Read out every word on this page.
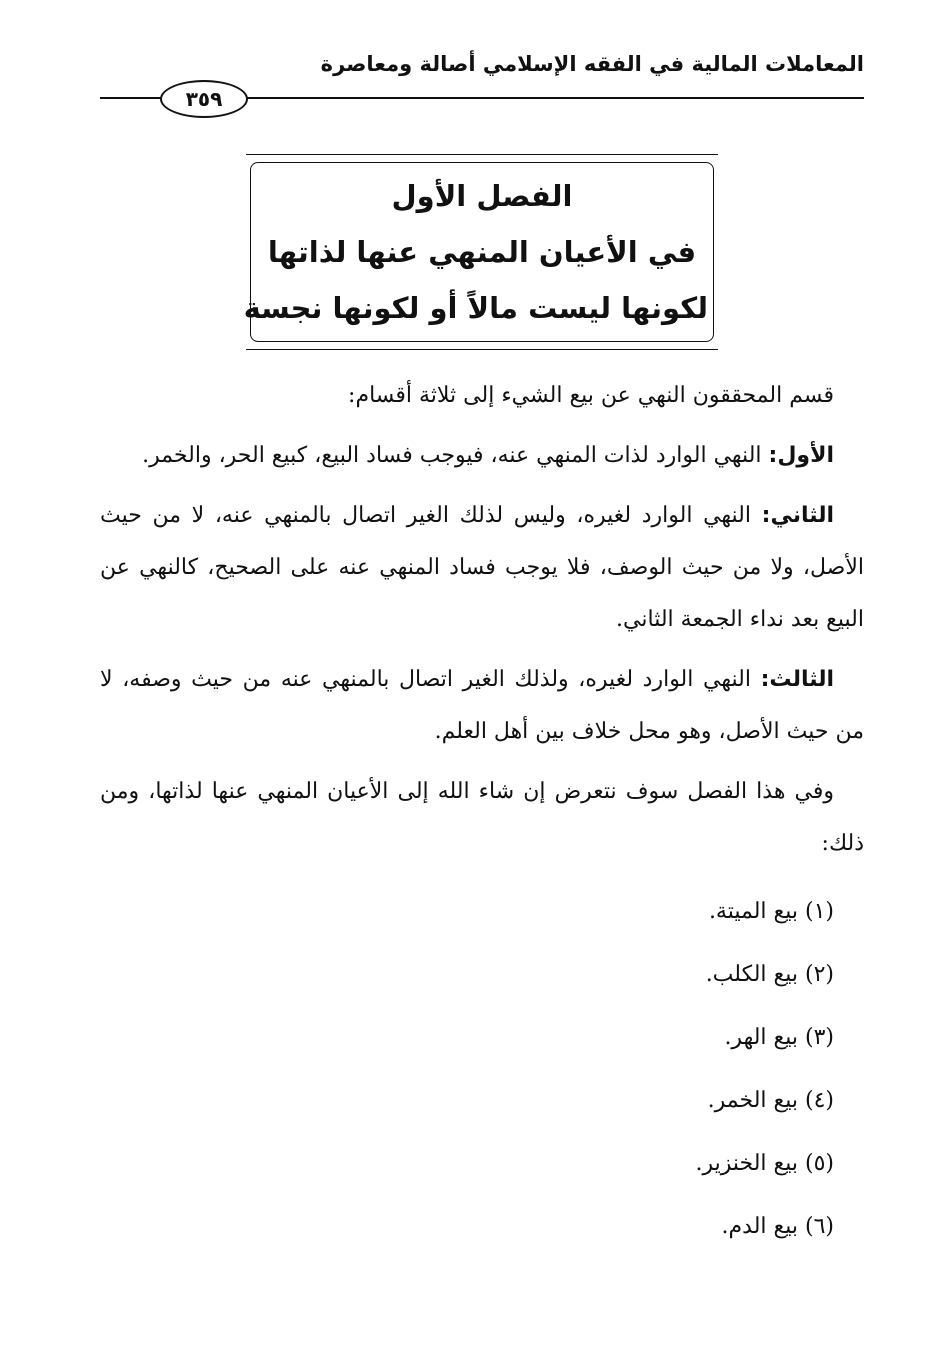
المعاملات المالية في الفقه الإسلامي أصالة ومعاصرة
٣٥٩
الفصل الأول
في الأعيان المنهي عنها لذاتها
لكونها ليست مالاً أو لكونها نجسة

قسم المحققون النهي عن بيع الشيء إلى ثلاثة أقسام:

الأول: النهي الوارد لذات المنهي عنه، فيوجب فساد البيع، كبيع الحر، والخمر.

الثاني: النهي الوارد لغيره، وليس لذلك الغير اتصال بالمنهي عنه، لا من حيث الأصل، ولا من حيث الوصف، فلا يوجب فساد المنهي عنه على الصحيح، كالنهي عن البيع بعد نداء الجمعة الثاني.

الثالث: النهي الوارد لغيره، ولذلك الغير اتصال بالمنهي عنه من حيث وصفه، لا من حيث الأصل، وهو محل خلاف بين أهل العلم.

وفي هذا الفصل سوف نتعرض إن شاء الله إلى الأعيان المنهي عنها لذاتها، ومن ذلك:

(١) بيع الميتة.
(٢) بيع الكلب.
(٣) بيع الهر.
(٤) بيع الخمر.
(٥) بيع الخنزير.
(٦) بيع الدم.
